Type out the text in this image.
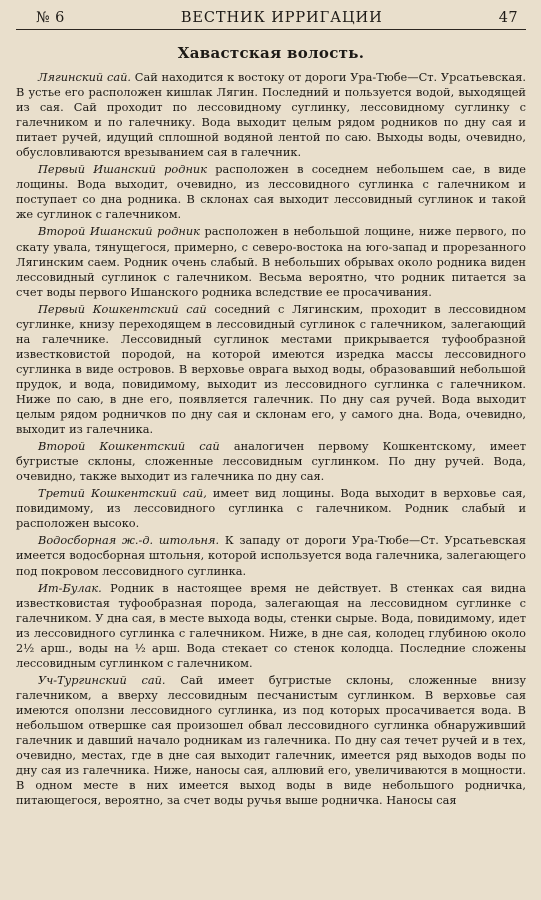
№ 6	ВЕСТНИК ИРРИГАЦИИ	47
Хавастская волость.

Лягинский сай. Сай находится к востоку от дороги Ура-Тюбе—Ст. Урсатьевская. В устье его расположен кишлак Лягин. Последний и пользуется водой, выходящей из сая. Сай проходит по лессовидному суглинку, лессовидному суглинку с галечником и по галечнику. Вода выходит целым рядом родников по дну сая и питает ручей, идущий сплошной водяной лентой по саю. Выходы воды, очевидно, обусловливаются врезыванием сая в галечник.

Первый Ишанский родник расположен в соседнем небольшем сае, в виде лощины. Вода выходит, очевидно, из лессовидного суглинка с галечником и поступает со дна родника. В склонах сая выходит лессовидный суглинок и такой же суглинок с галечником.

Второй Ишанский родник расположен в небольшой лощине, ниже первого, по скату увала, тянущегося, примерно, с северо-востока на юго-запад и прорезанного Лягинским саем. Родник очень слабый. В небольших обрывах около родника виден лессовидный суглинок с галечником. Весьма вероятно, что родник питается за счет воды первого Ишанского родника вследствие ее просачивания.

Первый Кошкентский сай соседний с Лягинским, проходит в лессовидном суглинке, книзу переходящем в лессовидный суглинок с галечником, залегающий на галечнике. Лессовидный суглинок местами прикрывается туфообразной известковистой породой, на которой имеются изредка массы лессовидного суглинка в виде островов. В верховье оврага выход воды, образовавший небольшой прудок, и вода, повидимому, выходит из лессовидного суглинка с галечником. Ниже по саю, в дне его, появляется галечник. По дну сая ручей. Вода выходит целым рядом родничков по дну сая и склонам его, у самого дна. Вода, очевидно, выходит из галечника.

Второй Кошкентский сай аналогичен первому Кошкентскому, имеет бугристые склоны, сложенные лессовидным суглинком. По дну ручей. Вода, очевидно, также выходит из галечника по дну сая.

Третий Кошкентский сай, имеет вид лощины. Вода выходит в верховье сая, повидимому, из лессовидного суглинка с галечником. Родник слабый и расположен высоко.

Водосборная ж.-д. штольня. К западу от дороги Ура-Тюбе—Ст. Урсатьевская имеется водосборная штольня, которой используется вода галечника, залегающего под покровом лессовидного суглинка.

Ит-Булак. Родник в настоящее время не действует. В стенках сая видна известковистая туфообразная порода, залегающая на лессовидном суглинке с галечником. У дна сая, в месте выхода воды, стенки сырые. Вода, повидимому, идет из лессовидного суглинка с галечником. Ниже, в дне сая, колодец глубиною около 2½ арш., воды на ½ арш. Вода стекает со стенок колодца. Последние сложены лессовидным суглинком с галечником.

Уч-Тургинский сай. Сай имеет бугристые склоны, сложенные внизу галечником, а вверху лессовидным песчанистым суглинком. В верховье сая имеются оползни лессовидного суглинка, из под которых просачивается вода. В небольшом отвершке сая произошел обвал лессовидного суглинка обнаруживший галечник и давший начало родникам из галечника. По дну сая течет ручей и в тех, очевидно, местах, где в дне сая выходит галечник, имеется ряд выходов воды по дну сая из галечника. Ниже, наносы сая, аллювий его, увеличиваются в мощности. В одном месте в них имеется выход воды в виде небольшого родничка, питающегося, вероятно, за счет воды ручья выше родничка. Наносы сая
